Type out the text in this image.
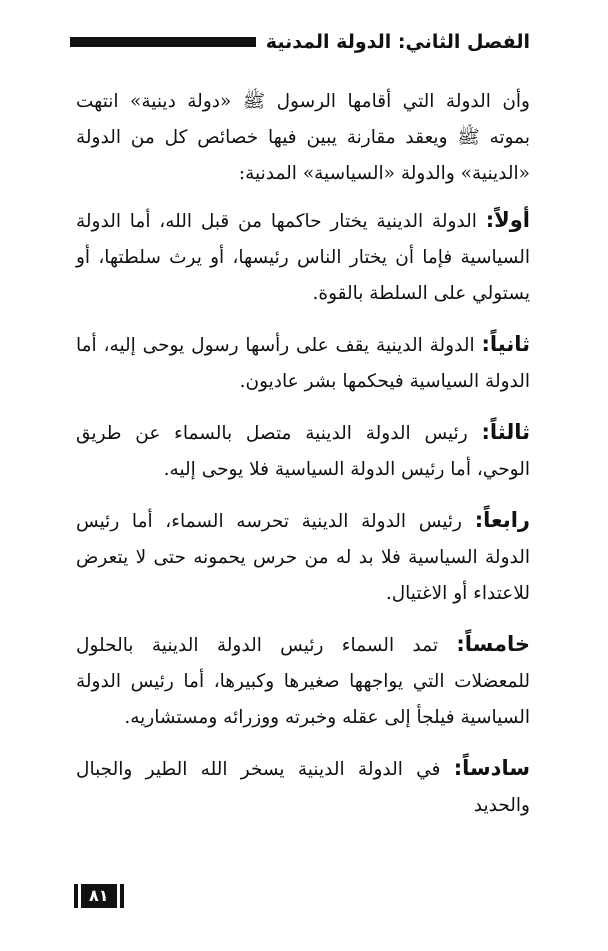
الفصل الثاني: الدولة المدنية

وأن الدولة التي أقامها الرسول ﷺ «دولة دينية» انتهت بموته ﷺ ويعقد مقارنة يبين فيها خصائص كل من الدولة «الدينية» والدولة «السياسية» المدنية:

أولاً: الدولة الدينية يختار حاكمها من قبل الله، أما الدولة السياسية فإما أن يختار الناس رئيسها، أو يرث سلطتها، أو يستولي على السلطة بالقوة.

ثانياً: الدولة الدينية يقف على رأسها رسول يوحى إليه، أما الدولة السياسية فيحكمها بشر عاديون.

ثالثاً: رئيس الدولة الدينية متصل بالسماء عن طريق الوحي، أما رئيس الدولة السياسية فلا يوحى إليه.

رابعاً: رئيس الدولة الدينية تحرسه السماء، أما رئيس الدولة السياسية فلا بد له من حرس يحمونه حتى لا يتعرض للاعتداء أو الاغتيال.

خامساً: تمد السماء رئيس الدولة الدينية بالحلول للمعضلات التي يواجهها صغيرها وكبيرها، أما رئيس الدولة السياسية فيلجأ إلى عقله وخبرته ووزرائه ومستشاريه.

سادساً: في الدولة الدينية يسخر الله الطير والجبال والحديد

٨١
